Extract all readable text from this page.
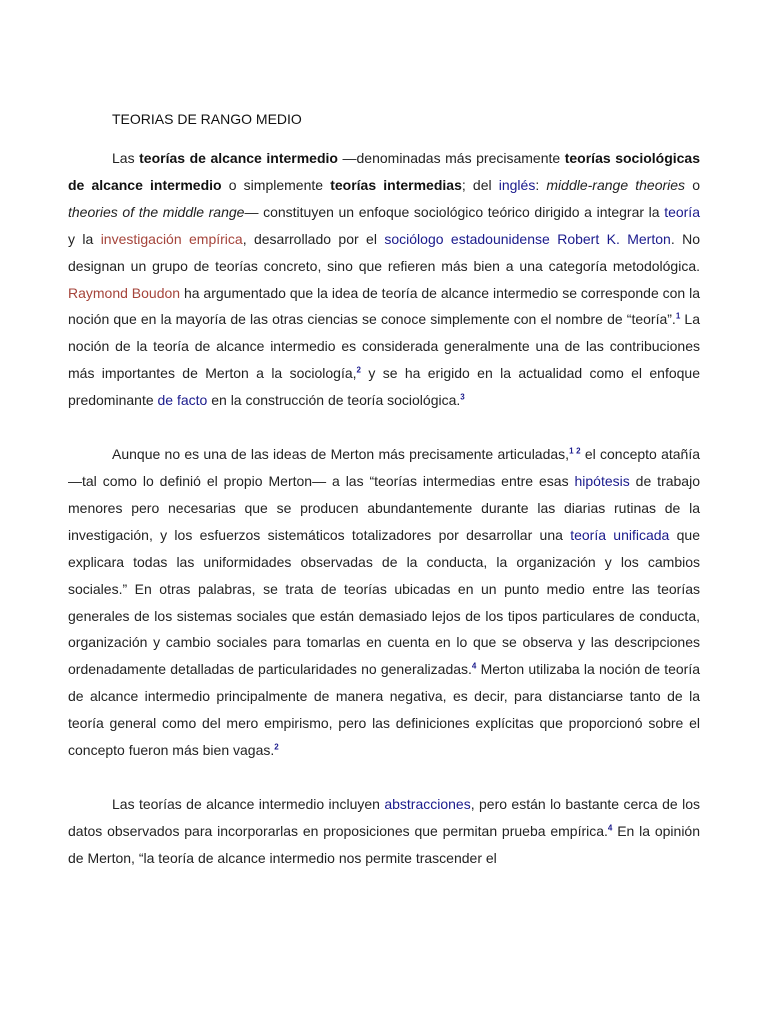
TEORIAS DE RANGO MEDIO

Las teorías de alcance intermedio —denominadas más precisamente teorías sociológicas de alcance intermedio o simplemente teorías intermedias; del inglés: middle-range theories o theories of the middle range— constituyen un enfoque sociológico teórico dirigido a integrar la teoría y la investigación empírica, desarrollado por el sociólogo estadounidense Robert K. Merton. No designan un grupo de teorías concreto, sino que refieren más bien a una categoría metodológica. Raymond Boudon ha argumentado que la idea de teoría de alcance intermedio se corresponde con la noción que en la mayoría de las otras ciencias se conoce simplemente con el nombre de “teoría”.$^1$ La noción de la teoría de alcance intermedio es considerada generalmente una de las contribuciones más importantes de Merton a la sociología,$^2$ y se ha erigido en la actualidad como el enfoque predominante de facto en la construcción de teoría sociológica.$^3$

Aunque no es una de las ideas de Merton más precisamente articuladas,$^1$ $^2$ el concepto atañía —tal como lo definió el propio Merton— a las “teorías intermedias entre esas hipótesis de trabajo menores pero necesarias que se producen abundantemente durante las diarias rutinas de la investigación, y los esfuerzos sistemáticos totalizadores por desarrollar una teoría unificada que explicara todas las uniformidades observadas de la conducta, la organización y los cambios sociales.” En otras palabras, se trata de teorías ubicadas en un punto medio entre las teorías generales de los sistemas sociales que están demasiado lejos de los tipos particulares de conducta, organización y cambio sociales para tomarlas en cuenta en lo que se observa y las descripciones ordenadamente detalladas de particularidades no generalizadas.$^4$ Merton utilizaba la noción de teoría de alcance intermedio principalmente de manera negativa, es decir, para distanciarse tanto de la teoría general como del mero empirismo, pero las definiciones explícitas que proporcionó sobre el concepto fueron más bien vagas.$^2$

Las teorías de alcance intermedio incluyen abstracciones, pero están lo bastante cerca de los datos observados para incorporarlas en proposiciones que permitan prueba empírica.$^4$ En la opinión de Merton, “la teoría de alcance intermedio nos permite trascender el
